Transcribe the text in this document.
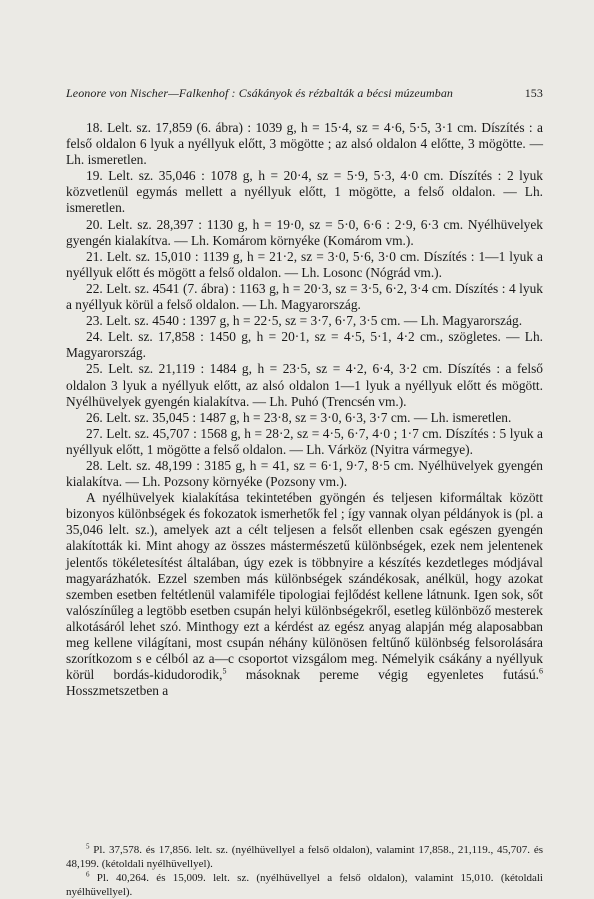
Leonore von Nischer—Falkenhof : Csákányok és rézbalták a bécsi múzeumban	153

18. Lelt. sz. 17,859 (6. ábra) : 1039 g, h = 15·4, sz = 4·6, 5·5, 3·1 cm. Díszítés : a felső oldalon 6 lyuk a nyéllyuk előtt, 3 mögötte ; az alsó oldalon 4 előtte, 3 mögötte. — Lh. ismeretlen.

19. Lelt. sz. 35,046 : 1078 g, h = 20·4, sz = 5·9, 5·3, 4·0 cm. Díszítés : 2 lyuk közvetlenül egymás mellett a nyéllyuk előtt, 1 mögötte, a felső oldalon. — Lh. ismeretlen.

20. Lelt. sz. 28,397 : 1130 g, h = 19·0, sz = 5·0, 6·6 : 2·9, 6·3 cm. Nyélhüvelyek gyengén kialakítva. — Lh. Komárom környéke (Komárom vm.).

21. Lelt. sz. 15,010 : 1139 g, h = 21·2, sz = 3·0, 5·6, 3·0 cm. Díszítés : 1—1 lyuk a nyéllyuk előtt és mögött a felső oldalon. — Lh. Losonc (Nógrád vm.).

22. Lelt. sz. 4541 (7. ábra) : 1163 g, h = 20·3, sz = 3·5, 6·2, 3·4 cm. Díszítés : 4 lyuk a nyéllyuk körül a felső oldalon. — Lh. Magyarország.

23. Lelt. sz. 4540 : 1397 g, h = 22·5, sz = 3·7, 6·7, 3·5 cm. — Lh. Magyarország.

24. Lelt. sz. 17,858 : 1450 g, h = 20·1, sz = 4·5, 5·1, 4·2 cm., szögletes. — Lh. Magyarország.

25. Lelt. sz. 21,119 : 1484 g, h = 23·5, sz = 4·2, 6·4, 3·2 cm. Díszítés : a felső oldalon 3 lyuk a nyéllyuk előtt, az alsó oldalon 1—1 lyuk a nyéllyuk előtt és mögött. Nyélhüvelyek gyengén kialakítva. — Lh. Puhó (Trencsén vm.).

26. Lelt. sz. 35,045 : 1487 g, h = 23·8, sz = 3·0, 6·3, 3·7 cm. — Lh. ismeretlen.

27. Lelt. sz. 45,707 : 1568 g, h = 28·2, sz = 4·5, 6·7, 4·0 ; 1·7 cm. Díszítés : 5 lyuk a nyéllyuk előtt, 1 mögötte a felső oldalon. — Lh. Várköz (Nyitra vármegye).

28. Lelt. sz. 48,199 : 3185 g, h = 41, sz = 6·1, 9·7, 8·5 cm. Nyélhüvelyek gyengén kialakítva. — Lh. Pozsony környéke (Pozsony vm.).

A nyélhüvelyek kialakítása tekintetében gyöngén és teljesen kiformáltak között bizonyos különbségek és fokozatok ismerhetők fel ; így vannak olyan példányok is (pl. a 35,046 lelt. sz.), amelyek azt a célt teljesen a felsőt ellenben csak egészen gyengén alakították ki. Mint ahogy az összes mástermészetű különbségek, ezek nem jelentenek jelentős tökéletesítést általában, úgy ezek is többnyire a készítés kezdetleges módjával magyarázhatók. Ezzel szemben más különbségek szándékosak, anélkül, hogy azokat szemben esetben feltétlenül valamiféle tipologiai fejlődést kellene látnunk. Igen sok, sőt valószínűleg a legtöbb esetben csupán helyi különbségekről, esetleg különböző mesterek alkotásáról lehet szó. Minthogy ezt a kérdést az egész anyag alapján még alaposabban meg kellene világítani, most csupán néhány különösen feltűnő különbség felsorolására szorítkozom s e célból az a—c csoportot vizsgálom meg. Némelyik csákány a nyéllyuk körül bordás-kidudorodik,$^5$ másoknak pereme végig egyenletes futású.$^6$ Hosszmetszetben a

$^5$ Pl. 37,578. és 17,856. lelt. sz. (nyélhüvellyel a felső oldalon), valamint 17,858., 21,119., 45,707. és 48,199. (kétoldali nyélhüvellyel).

$^6$ Pl. 40,264. és 15,009. lelt. sz. (nyélhüvellyel a felső oldalon), valamint 15,010. (kétoldali nyélhüvellyel).
